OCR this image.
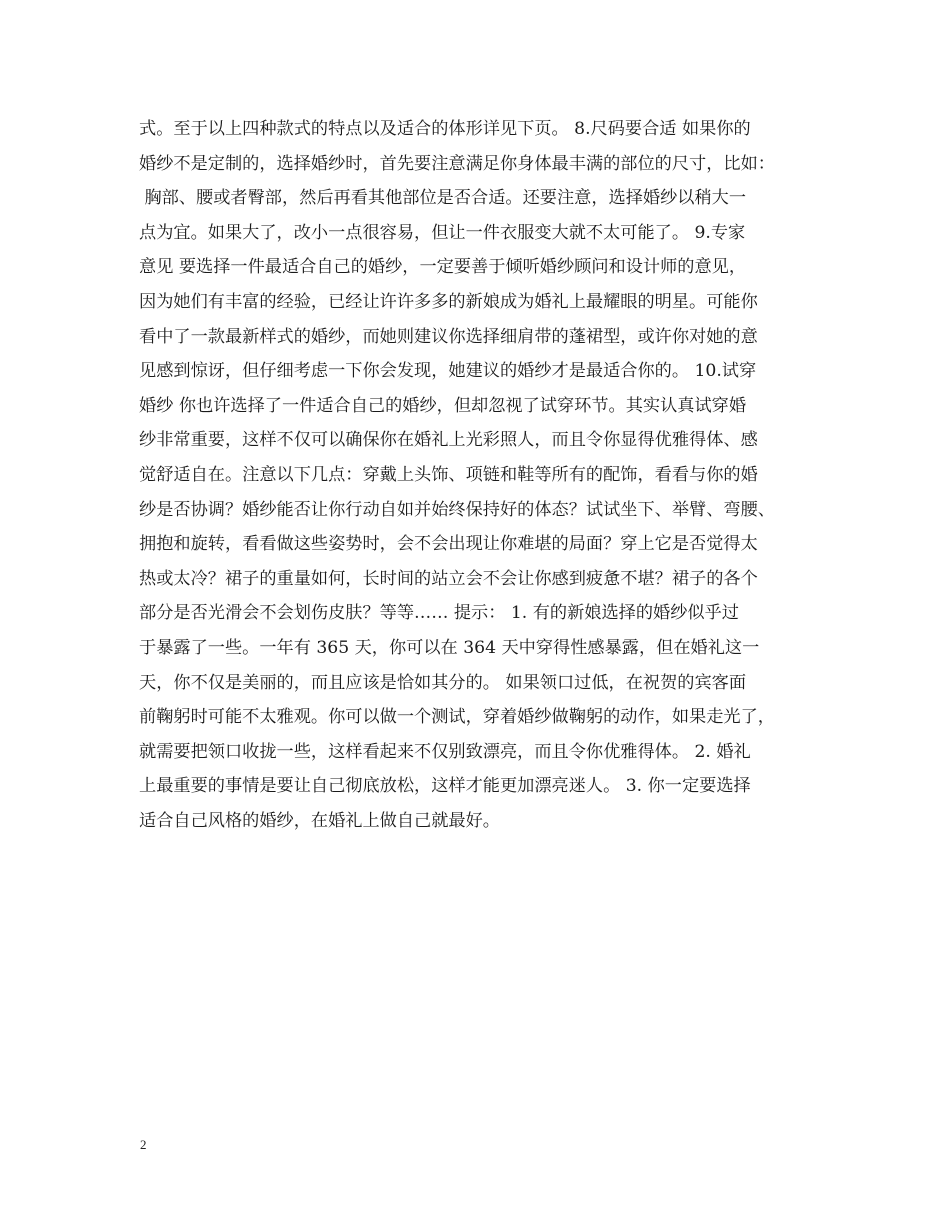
式。至于以上四种款式的特点以及适合的体形详见下页。 8.尺码要合适 如果你的
婚纱不是定制的，选择婚纱时，首先要注意满足你身体最丰满的部位的尺寸，比如：
胸部、腰或者臀部，然后再看其他部位是否合适。还要注意，选择婚纱以稍大一
点为宜。如果大了，改小一点很容易，但让一件衣服变大就不太可能了。 9.专家
意见 要选择一件最适合自己的婚纱，一定要善于倾听婚纱顾问和设计师的意见，
因为她们有丰富的经验，已经让许许多多的新娘成为婚礼上最耀眼的明星。可能你
看中了一款最新样式的婚纱，而她则建议你选择细肩带的蓬裙型，或许你对她的意
见感到惊讶，但仔细考虑一下你会发现，她建议的婚纱才是最适合你的。 10.试穿
婚纱 你也许选择了一件适合自己的婚纱，但却忽视了试穿环节。其实认真试穿婚
纱非常重要，这样不仅可以确保你在婚礼上光彩照人，而且令你显得优雅得体、感
觉舒适自在。注意以下几点：穿戴上头饰、项链和鞋等所有的配饰，看看与你的婚
纱是否协调？婚纱能否让你行动自如并始终保持好的体态？试试坐下、举臂、弯腰、
拥抱和旋转，看看做这些姿势时，会不会出现让你难堪的局面？穿上它是否觉得太
热或太冷？裙子的重量如何，长时间的站立会不会让你感到疲惫不堪？裙子的各个
部分是否光滑会不会划伤皮肤？等等…… 提示： 1. 有的新娘选择的婚纱似乎过
于暴露了一些。一年有 365 天，你可以在 364 天中穿得性感暴露，但在婚礼这一
天，你不仅是美丽的，而且应该是恰如其分的。 如果领口过低，在祝贺的宾客面
前鞠躬时可能不太雅观。你可以做一个测试，穿着婚纱做鞠躬的动作，如果走光了，
就需要把领口收拢一些，这样看起来不仅别致漂亮，而且令你优雅得体。 2. 婚礼
上最重要的事情是要让自己彻底放松，这样才能更加漂亮迷人。 3. 你一定要选择
适合自己风格的婚纱，在婚礼上做自己就最好。
2
